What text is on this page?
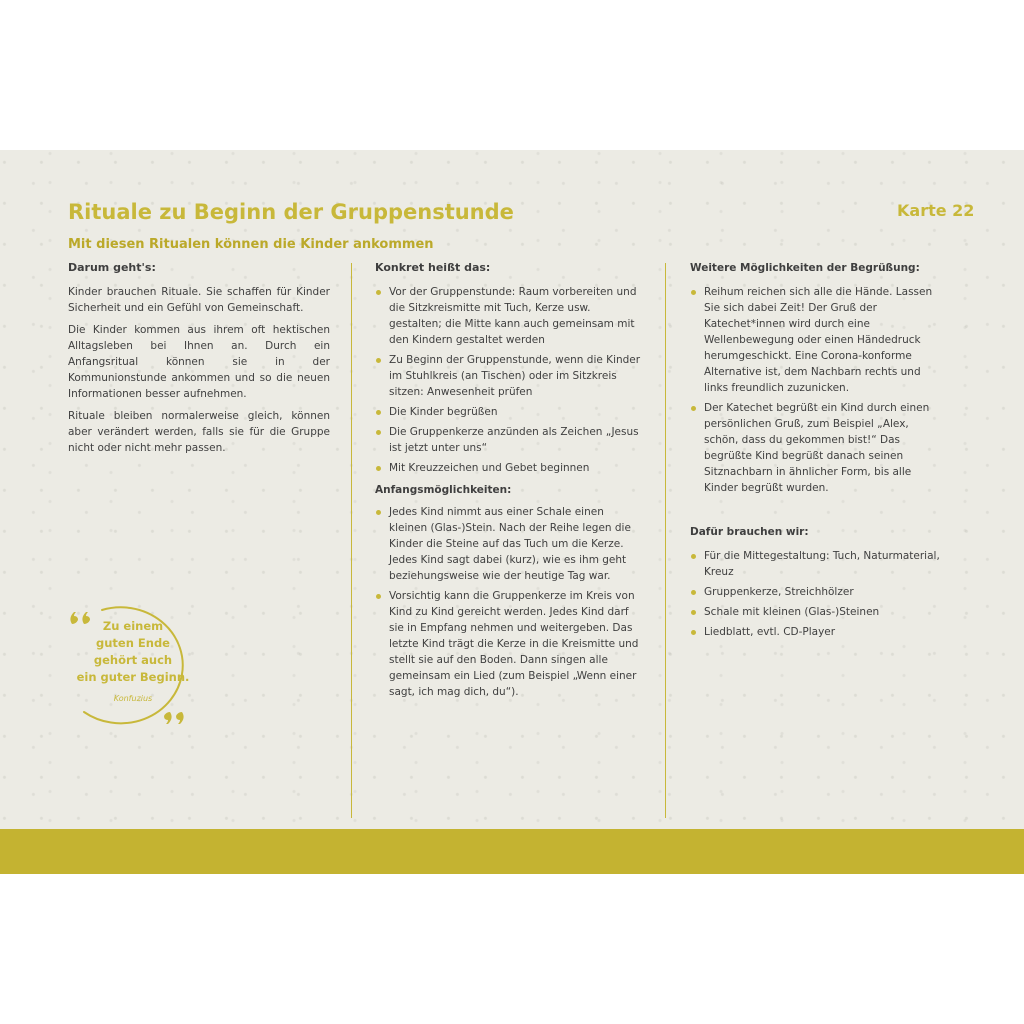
Rituale zu Beginn der Gruppenstunde	Karte 22
Mit diesen Ritualen können die Kinder ankommen
Darum geht's:

Kinder brauchen Rituale. Sie schaffen für Kinder Sicherheit und ein Gefühl von Gemeinschaft.

Die Kinder kommen aus ihrem oft hektischen Alltagsleben bei Ihnen an. Durch ein Anfangsritual können sie in der Kommunionstunde ankommen und so die neuen Informationen besser aufnehmen.

Rituale bleiben normalerweise gleich, können aber verändert werden, falls sie für die Gruppe nicht oder nicht mehr passen.

Konkret heißt das:
Vor der Gruppenstunde: Raum vorbereiten und die Sitzkreismitte mit Tuch, Kerze usw. gestalten; die Mitte kann auch gemeinsam mit den Kindern gestaltet werden
Zu Beginn der Gruppenstunde, wenn die Kinder im Stuhlkreis (an Tischen) oder im Sitzkreis sitzen: Anwesenheit prüfen
Die Kinder begrüßen
Die Gruppenkerze anzünden als Zeichen „Jesus ist jetzt unter uns“
Mit Kreuzzeichen und Gebet beginnen
Anfangsmöglichkeiten:
Jedes Kind nimmt aus einer Schale einen kleinen (Glas-)Stein. Nach der Reihe legen die Kinder die Steine auf das Tuch um die Kerze. Jedes Kind sagt dabei (kurz), wie es ihm geht beziehungsweise wie der heutige Tag war.
Vorsichtig kann die Gruppenkerze im Kreis von Kind zu Kind gereicht werden. Jedes Kind darf sie in Empfang nehmen und weitergeben. Das letzte Kind trägt die Kerze in die Kreismitte und stellt sie auf den Boden. Dann singen alle gemeinsam ein Lied (zum Beispiel „Wenn einer sagt, ich mag dich, du“).
Weitere Möglichkeiten der Begrüßung:
Reihum reichen sich alle die Hände. Lassen Sie sich dabei Zeit! Der Gruß der Katechet*innen wird durch eine Wellenbewegung oder einen Händedruck herumgeschickt. Eine Corona-konforme Alternative ist, dem Nachbarn rechts und links freundlich zuzunicken.
Der Katechet begrüßt ein Kind durch einen persönlichen Gruß, zum Beispiel „Alex, schön, dass du gekommen bist!“ Das begrüßte Kind begrüßt danach seinen Sitznachbarn in ähnlicher Form, bis alle Kinder begrüßt wurden.
Dafür brauchen wir:
Für die Mittegestaltung: Tuch, Naturmaterial, Kreuz
Gruppenkerze, Streichhölzer
Schale mit kleinen (Glas-)Steinen
Liedblatt, evtl. CD-Player
Zu einem
guten Ende
gehört auch
ein guter Beginn.
Konfuzius
